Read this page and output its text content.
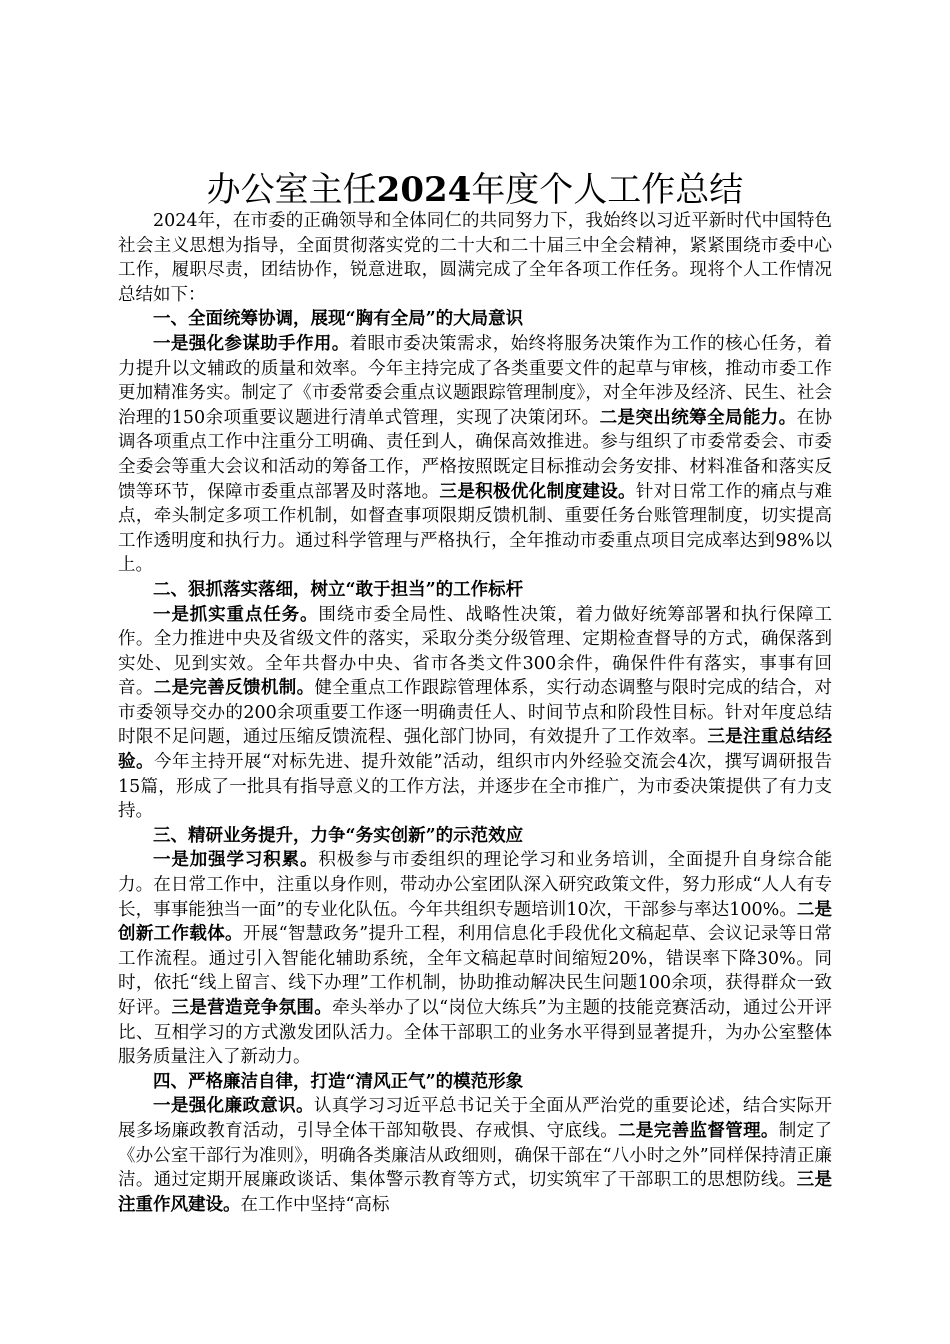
办公室主任2024年度个人工作总结

2024年，在市委的正确领导和全体同仁的共同努力下，我始终以习近平新时代中国特色社会主义思想为指导，全面贯彻落实党的二十大和二十届三中全会精神，紧紧围绕市委中心工作，履职尽责，团结协作，锐意进取，圆满完成了全年各项工作任务。现将个人工作情况总结如下：

一、全面统筹协调，展现“胸有全局”的大局意识

一是强化参谋助手作用。着眼市委决策需求，始终将服务决策作为工作的核心任务，着力提升以文辅政的质量和效率。今年主持完成了各类重要文件的起草与审核，推动市委工作更加精准务实。制定了《市委常委会重点议题跟踪管理制度》，对全年涉及经济、民生、社会治理的150余项重要议题进行清单式管理，实现了决策闭环。二是突出统筹全局能力。在协调各项重点工作中注重分工明确、责任到人，确保高效推进。参与组织了市委常委会、市委全委会等重大会议和活动的筹备工作，严格按照既定目标推动会务安排、材料准备和落实反馈等环节，保障市委重点部署及时落地。三是积极优化制度建设。针对日常工作的痛点与难点，牵头制定多项工作机制，如督查事项限期反馈机制、重要任务台账管理制度，切实提高工作透明度和执行力。通过科学管理与严格执行，全年推动市委重点项目完成率达到98%以上。

二、狠抓落实落细，树立“敢于担当”的工作标杆

一是抓实重点任务。围绕市委全局性、战略性决策，着力做好统筹部署和执行保障工作。全力推进中央及省级文件的落实，采取分类分级管理、定期检查督导的方式，确保落到实处、见到实效。全年共督办中央、省市各类文件300余件，确保件件有落实，事事有回音。二是完善反馈机制。健全重点工作跟踪管理体系，实行动态调整与限时完成的结合，对市委领导交办的200余项重要工作逐一明确责任人、时间节点和阶段性目标。针对年度总结时限不足问题，通过压缩反馈流程、强化部门协同，有效提升了工作效率。三是注重总结经验。今年主持开展“对标先进、提升效能”活动，组织市内外经验交流会4次，撰写调研报告15篇，形成了一批具有指导意义的工作方法，并逐步在全市推广，为市委决策提供了有力支持。

三、精研业务提升，力争“务实创新”的示范效应

一是加强学习积累。积极参与市委组织的理论学习和业务培训，全面提升自身综合能力。在日常工作中，注重以身作则，带动办公室团队深入研究政策文件，努力形成“人人有专长，事事能独当一面”的专业化队伍。今年共组织专题培训10次，干部参与率达100%。二是创新工作载体。开展“智慧政务”提升工程，利用信息化手段优化文稿起草、会议记录等日常工作流程。通过引入智能化辅助系统，全年文稿起草时间缩短20%，错误率下降30%。同时，依托“线上留言、线下办理”工作机制，协助推动解决民生问题100余项，获得群众一致好评。三是营造竞争氛围。牵头举办了以“岗位大练兵”为主题的技能竞赛活动，通过公开评比、互相学习的方式激发团队活力。全体干部职工的业务水平得到显著提升，为办公室整体服务质量注入了新动力。

四、严格廉洁自律，打造“清风正气”的模范形象

一是强化廉政意识。认真学习习近平总书记关于全面从严治党的重要论述，结合实际开展多场廉政教育活动，引导全体干部知敬畏、存戒惧、守底线。二是完善监督管理。制定了《办公室干部行为准则》，明确各类廉洁从政细则，确保干部在“八小时之外”同样保持清正廉洁。通过定期开展廉政谈话、集体警示教育等方式，切实筑牢了干部职工的思想防线。三是注重作风建设。在工作中坚持“高标
